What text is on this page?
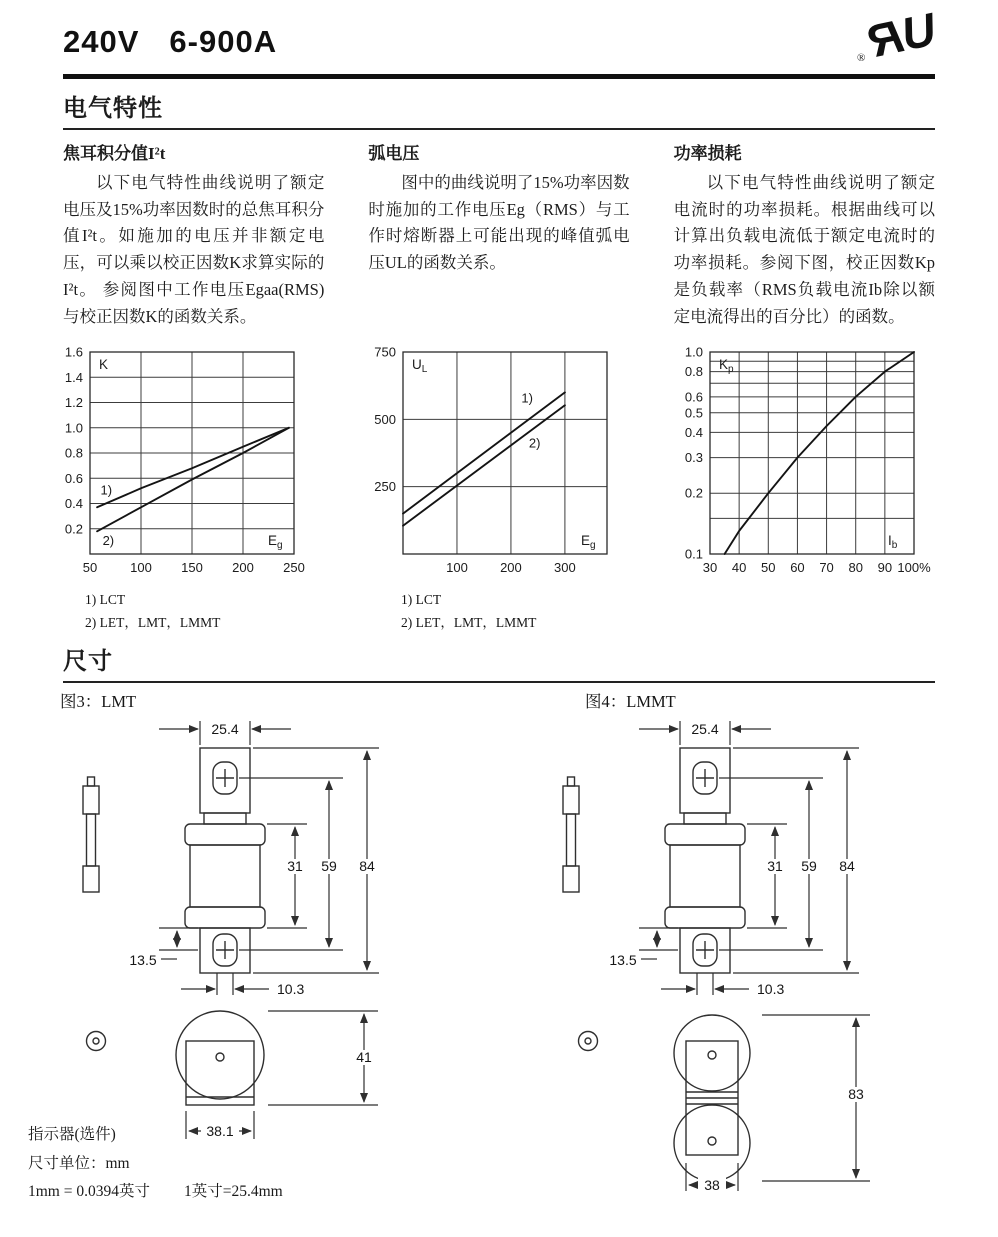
240V 6-900A	RU
®
电气特性
焦耳积分值I²t

以下电气特性曲线说明了额定电压及15%功率因数时的总焦耳积分值I²t。如施加的电压并非额定电压，可以乘以校正因数K求算实际的I²t。 参阅图中工作电压Egaa(RMS)与校正因数K的函数关系。

弧电压

图中的曲线说明了15%功率因数时施加的工作电压Eg（RMS）与工作时熔断器上可能出现的峰值弧电压UL的函数关系。

功率损耗

以下电气特性曲线说明了额定电流时的功率损耗。根据曲线可以计算出负载电流低于额定电流时的功率损耗。参阅下图，校正因数Kp是负载率（RMS负载电流Ib除以额定电流得出的百分比）的函数。

50	100 150 200 250
0.2
0.4
0.6
0.8
1.0
1.2
1.4
1.6
1)
2)
K
$E_g$
100 200 300
250
500
750
1)
2)
$U_L$
$E_g$
30 40 50 60 70 80 90 100%
1.0
0.8
0.6
0.5
0.4
0.3
0.2
0.1
$K_p$
$I_b$
1) LCT
2) LET，LMT，LMMT
1) LCT
2) LET，LMT，LMMT
尺寸
图3：LMT	图4：LMMT
25.4
31 59 84
13.5
10.3
25.4
31 59 84
13.5
10.3
41
38.1
83
38
指示器(选件)
尺寸单位：mm
1mm = 0.0394英寸 1英寸=25.4mm
